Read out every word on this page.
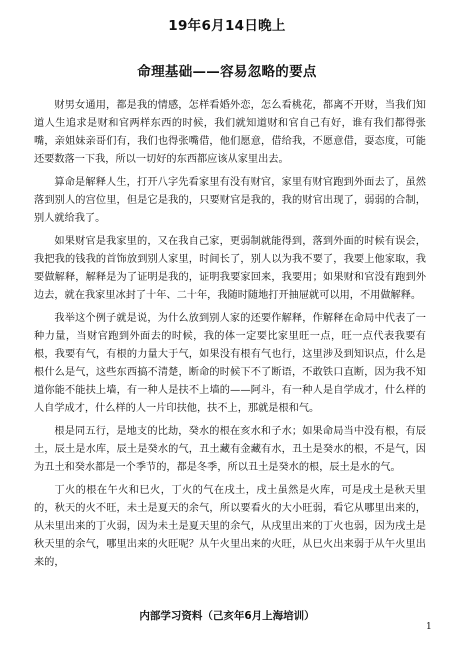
19年6月14日晚上
命理基础——容易忽略的要点

财男女通用，都是我的情感，怎样看婚外恋，怎么看桃花，都离不开财，当我们知道人生追求是财和官两样东西的时候，我们就知道财和官自己有好，谁有我们都得张嘴，亲姐妹亲哥们有，我们也得张嘴借，他们愿意，借给我，不愿意借，耍态度，可能还要数落一下我，所以一切好的东西都应该从家里出去。

算命是解释人生，打开八字先看家里有没有财官，家里有财官跑到外面去了，虽然落到别人的宫位里，但是它是我的，只要财官是我的，我的财官出现了，弱弱的合制，别人就给我了。

如果财官是我家里的，又在我自己家，更弱制就能得到，落到外面的时候有误会，我把我的钱我的首饰放到别人家里，时间长了，别人以为我不要了，我要上他家取，我要做解释，解释是为了证明是我的，证明我要家回来，我要用；如果财和官没有跑到外边去，就在我家里冰封了十年、二十年，我随时随地打开抽屉就可以用，不用做解释。

我举这个例子就是说，为什么放到别人家的还要作解释，作解释在命局中代表了一种力量，当财官跑到外面去的时候，我的体一定要比家里旺一点，旺一点代表我要有根，我要有气，有根的力量大于气，如果没有根有气也行，这里涉及到知识点，什么是根什么是气，这些东西搞不清楚，断命的时候下不了断语，不敢铁口直断，因为我不知道你能不能扶上墙，有一种人是扶不上墙的——阿斗，有一种人是自学成才，什么样的人自学成才，什么样的人一片印扶他，扶不上，那就是根和气。

根是同五行，是地支的比劫，癸水的根在亥水和子水；如果命局当中没有根，有辰土，辰土是水库，辰土是癸水的气，丑土藏有金藏有水，丑土是癸水的根，不是气，因为丑土和癸水都是一个季节的，都是冬季，所以丑土是癸水的根，辰土是水的气。

丁火的根在午火和巳火，丁火的气在戌土，戌土虽然是火库，可是戌土是秋天里的，秋天的火不旺，未土是夏天的余气，所以要看火的大小旺弱，看它从哪里出来的，从未里出来的丁火弱，因为未土是夏天里的余气，从戌里出来的丁火也弱，因为戌土是秋天里的余气，哪里出来的火旺呢？从午火里出来的火旺，从巳火出来弱于从午火里出来的，

内部学习资料（己亥年6月上海培训）
1
